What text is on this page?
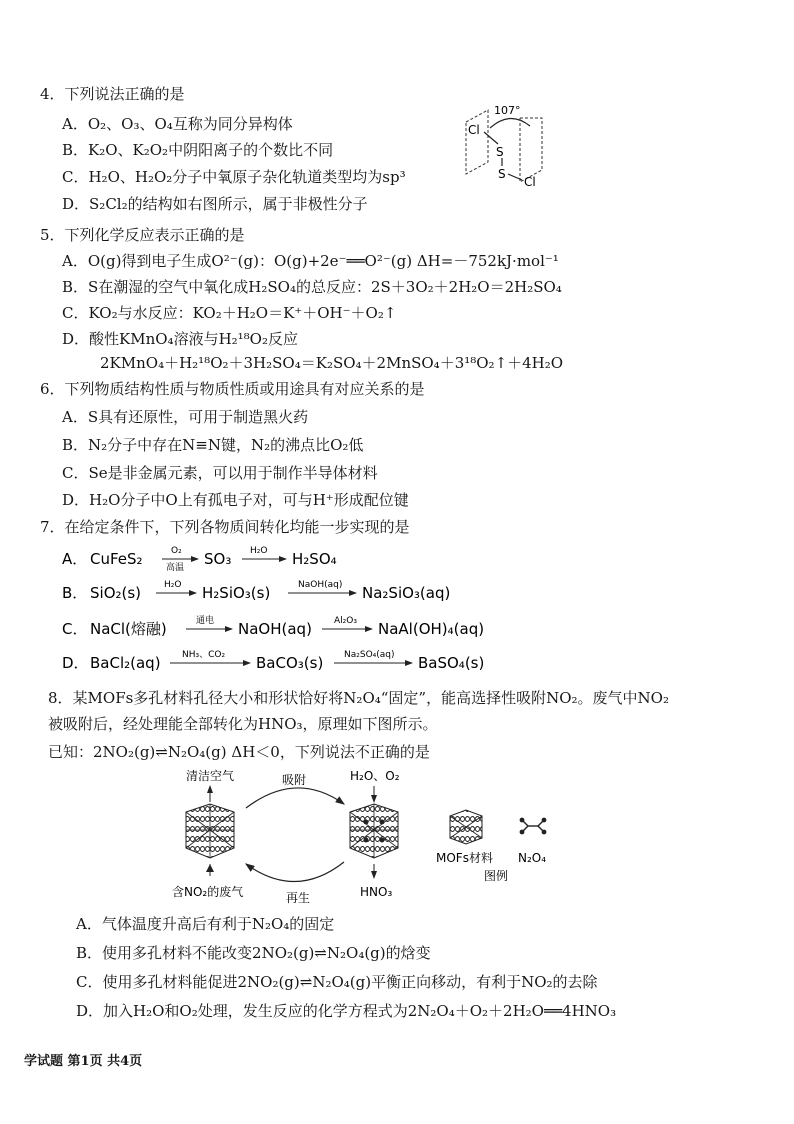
4．下列说法正确的是
A．O₂、O₃、O₄互称为同分异构体
B．K₂O、K₂O₂中阴阳离子的个数比不同
C．H₂O、H₂O₂分子中氧原子杂化轨道类型均为sp³
D．S₂Cl₂的结构如右图所示，属于非极性分子
107°
Cl
S
S
Cl
5．下列化学反应表示正确的是
A．O(g)得到电子生成O²⁻(g)：O(g)+2e⁻══O²⁻(g) ΔH=－752kJ·mol⁻¹
B．S在潮湿的空气中氧化成H₂SO₄的总反应：2S＋3O₂＋2H₂O＝2H₂SO₄
C．KO₂与水反应：KO₂＋H₂O＝K⁺＋OH⁻＋O₂↑
D．酸性KMnO₄溶液与H₂¹⁸O₂反应
2KMnO₄＋H₂¹⁸O₂＋3H₂SO₄＝K₂SO₄＋2MnSO₄＋3¹⁸O₂↑＋4H₂O
6．下列物质结构性质与物质性质或用途具有对应关系的是
A．S具有还原性，可用于制造黑火药
B．N₂分子中存在N≡N键，N₂的沸点比O₂低
C．Se是非金属元素，可以用于制作半导体材料
D．H₂O分子中O上有孤电子对，可与H⁺形成配位键
7．在给定条件下，下列各物质间转化均能一步实现的是
A． CuFeS₂	O₂
高温 SO₃ H₂O H₂SO₄
B． SiO₂(s)	H₂O H₂SiO₃(s)	NaOH(aq) Na₂SiO₃(aq)
C． NaCl(熔融)	通电 NaOH(aq) Al₂O₃ NaAl(OH)₄(aq)
D． BaCl₂(aq) NH₃、CO₂ BaCO₃(s) Na₂SO₄(aq) BaSO₄(s)
8．某MOFs多孔材料孔径大小和形状恰好将N₂O₄“固定”，能高选择性吸附NO₂。废气中NO₂
被吸附后，经处理能全部转化为HNO₃，原理如下图所示。
已知：2NO₂(g)⇌N₂O₄(g) ΔH＜0，下列说法不正确的是
清洁空气
含NO₂的废气
吸附
再生
H₂O、O₂
HNO₃
MOFs材料 N₂O₄
图例
A．气体温度升高后有利于N₂O₄的固定
B．使用多孔材料不能改变2NO₂(g)⇌N₂O₄(g)的焓变
C．使用多孔材料能促进2NO₂(g)⇌N₂O₄(g)平衡正向移动，有利于NO₂的去除
D．加入H₂O和O₂处理，发生反应的化学方程式为2N₂O₄＋O₂＋2H₂O══4HNO₃
学试题 第1页 共4页
